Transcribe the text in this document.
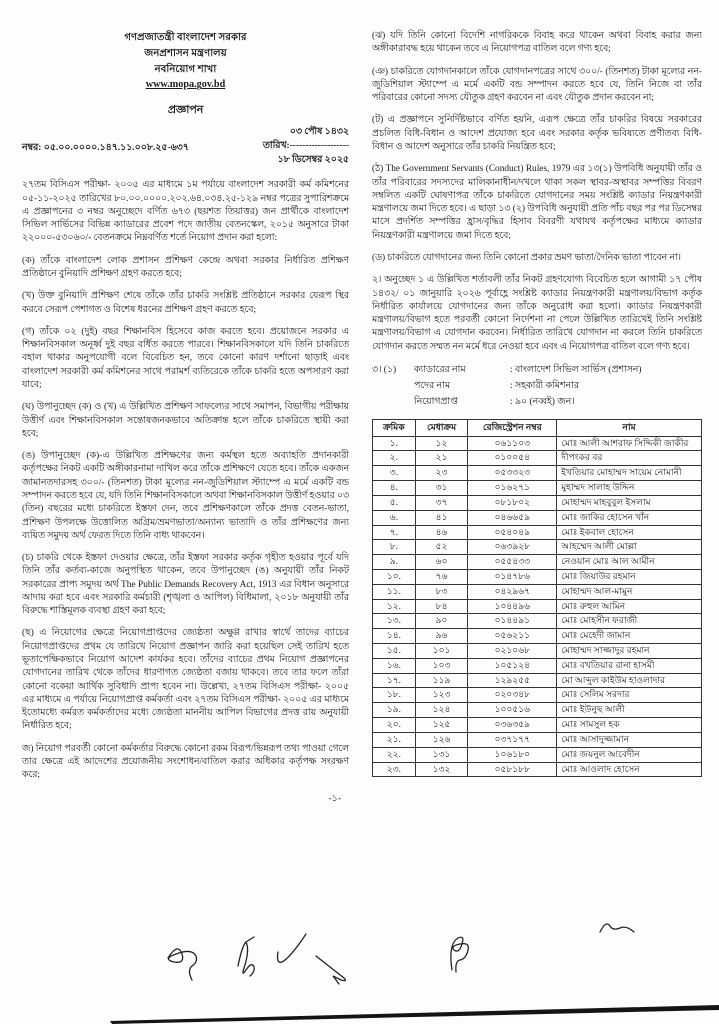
গণপ্রজাতন্ত্রী বাংলাদেশ সরকার
জনপ্রশাসন মন্ত্রণালয়
নবনিয়োগ শাখা
www.mopa.gov.bd
প্রজ্ঞাপন
নম্বর: ০৫.০০.০০০০.১৪৭.১১.০০৮.২৫-৬৩৭
০৩ পৌষ ১৪৩২
তারিখ:-------------------
১৮ ডিসেম্বর ২০২৫

২৭তম বিসিএস পরীক্ষা- ২০০৫ এর মাধ্যমে ১ম পর্যায়ে বাংলাদেশ সরকারী কর্ম কমিশনের ০৫-১১-২০২৫ তারিখের ৮০.০০.০০০০.২০২.৬৪.০৩৪.২৫-১২৯ নম্বর পত্রের সুপারিশক্রমে এ প্রজ্ঞাপনের ৩ নম্বর অনুচ্ছেদে বর্ণিত ৬৭৩ (ছয়শত তিয়াত্তর) জন প্রার্থীকে বাংলাদেশ সিভিল সার্ভিসের বিভিন্ন ক্যাডারের প্রবেশ পদে জাতীয় বেতনস্কেল, ২০১৫ অনুসারে টাকা ২২০০০-৫৩০৬০/- বেতনক্রমে নিম্নবর্ণিত শর্তে নিয়োগ প্রদান করা হলো:

(ক) তাঁকে বাংলাদেশ লোক প্রশাসন প্রশিক্ষণ কেন্দ্রে অথবা সরকার নির্ধারিত প্রশিক্ষণ প্রতিষ্ঠানে বুনিয়াদি প্রশিক্ষণ গ্রহণ করতে হবে;

(খ) উক্ত বুনিয়াদি প্রশিক্ষণ শেষে তাঁকে তাঁর চাকরি সংশ্লিষ্ট প্রতিষ্ঠানে সরকার যেরূপ স্থির করবে সেরূপ পেশাগত ও বিশেষ ধরনের প্রশিক্ষণ গ্রহণ করতে হবে;

(গ) তাঁকে ০২ (দুই) বছর শিক্ষানবিস হিসেবে কাজ করতে হবে। প্রয়োজনে সরকার এ শিক্ষানবিসকাল অনূর্ধ্ব দুই বছর বর্ধিত করতে পারবে। শিক্ষানবিসকালে যদি তিনি চাকরিতে বহাল থাকার অনুপযোগী বলে বিবেচিত হন, তবে কোনো কারণ দর্শানো ছাড়াই এবং বাংলাদেশ সরকারী কর্ম কমিশনের সাথে পরামর্শ ব্যতিরেকে তাঁকে চাকরি হতে অপসারণ করা যাবে;

(ঘ) উপানুচ্ছেদ (ক) ও (খ) এ উল্লিখিত প্রশিক্ষণ সাফল্যের সাথে সমাপন, বিভাগীয় পরীক্ষায় উত্তীর্ণ এবং শিক্ষানবিসকাল সন্তোষজনকভাবে অতিক্রান্ত হলে তাঁকে চাকরিতে স্থায়ী করা হবে;

(ঙ) উপানুচ্ছেদ (ক)-এ উল্লিখিত প্রশিক্ষণের জন্য কর্মস্থল হতে অব্যাহতি প্রদানকারী কর্তৃপক্ষের নিকট একটি অঙ্গীকারনামা দাখিল করে তাঁকে প্রশিক্ষণে যেতে হবে। তাঁকে একজন জামানতদারসহ ৩০০/- (তিনশত) টাকা মূল্যের নন-জুডিশিয়াল স্ট্যাম্পে এ মর্মে একটি বন্ড সম্পাদন করতে হবে যে, যদি তিনি শিক্ষানবিসকালে অথবা শিক্ষানবিসকাল উত্তীর্ণ হওয়ার ০৩ (তিন) বছরের মধ্যে চাকরিতে ইস্তফা দেন, তবে প্রশিক্ষণকালে তাঁকে প্রদত্ত বেতন-ভাতা, প্রশিক্ষণ উপলক্ষে উত্তোলিত অগ্রিম/ভ্রমণভাতা/অন্যান্য ভাতাদি ও তাঁর প্রশিক্ষণের জন্য ব্যয়িত সমুদয় অর্থ ফেরত দিতে তিনি বাধ্য থাকবেন।

(চ) চাকরি থেকে ইস্তফা দেওয়ার ক্ষেত্রে, তাঁর ইস্তফা সরকার কর্তৃক গৃহীত হওয়ার পূর্বে যদি তিনি তাঁর কর্তব্য-কাজে অনুপস্থিত থাকেন, তবে উপানুচ্ছেদ (ঙ) অনুযায়ী তাঁর নিকট সরকারের প্রাপ্য সমুদয় অর্থ The Public Demands Recovery Act, 1913 এর বিধান অনুসারে আদায় করা হবে এবং সরকারি কর্মচারী (শৃঙ্খলা ও আপিল) বিধিমালা, ২০১৮ অনুযায়ী তাঁর বিরুদ্ধে শাস্তিমূলক ব্যবস্থা গ্রহণ করা হবে;

(ছ) এ নিয়োগের ক্ষেত্রে নিয়োগপ্রাপ্তদের জ্যেষ্ঠতা অক্ষুণ্ণ রাখার স্বার্থে তাদের ব্যাচের নিয়োগপ্রাপ্তদের প্রথম যে তারিখে নিয়োগ প্রজ্ঞাপন জারি করা হয়েছিল সেই তারিখ হতে ভূতাপেক্ষিকভাবে নিয়োগ আদেশ কার্যকর হবে। তাঁদের ব্যাচের প্রথম নিয়োগ প্রজ্ঞাপনের যোগদানের তারিখ থেকে তাঁদের ধারণাগত জ্যেষ্ঠতা বজায় থাকবে। তবে তার ফলে তাঁরা কোনো বকেয়া আর্থিক সুবিধাদি প্রাপ্য হবেন না। উল্লেখ্য, ২৭তম বিসিএস পরীক্ষা- ২০০৫ এর মাধ্যমে এ পর্যায়ে নিয়োগপ্রাপ্ত কর্মকর্তা এবং ২৭তম বিসিএস পরীক্ষা- ২০০৫ এর মাধ্যমে ইতোমধ্যে কর্মরত কর্মকর্তাদের মধ্যে জ্যেষ্ঠতা মাননীয় আপিল বিভাগের প্রদত্ত রায় অনুযায়ী নির্ধারিত হবে;

জ) নিয়োগ পরবর্তী কোনো কর্মকর্তার বিরুদ্ধে কোনো রকম বিরূপ/ভিন্নরূপ তথ্য পাওয়া গেলে তার ক্ষেত্রে এই আদেশের প্রয়োজনীয় সংশোধন/বাতিল করার অধিকার কর্তৃপক্ষ সংরক্ষণ করে;

-১-

(ঝ) যদি তিনি কোনো বিদেশি নাগরিককে বিবাহ করে থাকেন অথবা বিবাহ করার জন্য অঙ্গীকারাবদ্ধ হয়ে থাকেন তবে এ নিয়োগপত্র বাতিল বলে গণ্য হবে;

(ঞ) চাকরিতে যোগদানকালে তাঁকে যোগদানপত্রের সাথে ৩০০/- (তিনশত) টাকা মূল্যের নন-জুডিশিয়াল স্ট্যাম্পে এ মর্মে একটি বন্ড সম্পাদন করতে হবে যে, তিনি নিজে বা তাঁর পরিবারের কোনো সদস্য যৌতুক গ্রহণ করবেন না এবং যৌতুক প্রদান করবেন না;

(ট) এ প্রজ্ঞাপনে সুনির্দিষ্টভাবে বর্ণিত হয়নি, এরূপ ক্ষেত্রে তাঁর চাকরির বিষয়ে সরকারের প্রচলিত বিধি-বিধান ও আদেশ প্রযোজ্য হবে এবং সরকার কর্তৃক ভবিষ্যতে প্রণীতব্য বিধি-বিধান ও আদেশ অনুসারে তাঁর চাকরি নিয়ন্ত্রিত হবে;

(ঠ) The Government Servants (Conduct) Rules, 1979 এর ১৩(১) উপবিধি অনুযায়ী তাঁর ও তাঁর পরিবারের সদস্যদের মালিকানাধীন/দখলে থাকা সকল স্থাবর-অস্থাবর সম্পত্তির বিবরণ সম্বলিত একটি ঘোষণাপত্র তাঁকে চাকরিতে যোগদানের সময় সংশ্লিষ্ট ক্যাডার নিয়ন্ত্রণকারী মন্ত্রণালয়ে জমা দিতে হবে। এ ছাড়া ১৩ (২) উপবিধি অনুযায়ী প্রতি পাঁচ বছর পর পর ডিসেম্বর মাসে প্রদর্শিত সম্পত্তির হ্রাস/বৃদ্ধির হিসাব বিবরণী যথাযথ কর্তৃপক্ষের মাধ্যমে ক্যাডার নিয়ন্ত্রণকারী মন্ত্রণালয়ে জমা দিতে হবে;

(ড) চাকরিতে যোগদানের জন্য তিনি কোনো প্রকার ভ্রমণ ভাতা/দৈনিক ভাতা পাবেন না।

২। অনুচ্ছেদ ১ এ উল্লিখিত শর্তাবলী তাঁর নিকট গ্রহণযোগ্য বিবেচিত হলে আগামী ১৭ পৌষ ১৪৩২/ ০১ জানুয়ারি ২০২৬ পূর্বাহ্ণে সংশ্লিষ্ট ক্যাডার নিয়ন্ত্রণকারী মন্ত্রণালয়/বিভাগ কর্তৃক নির্ধারিত কার্যালয়ে যোগদানের জন্য তাঁকে অনুরোধ করা হলো। ক্যাডার নিয়ন্ত্রণকারী মন্ত্রণালয়/বিভাগ হতে পরবর্তী কোনো নির্দেশনা না পেলে উল্লিখিত তারিখেই তিনি সংশ্লিষ্ট মন্ত্রণালয়/বিভাগ এ যোগদান করবেন। নির্ধারিত তারিখে যোগদান না করলে তিনি চাকরিতে যোগদান করতে সম্মত নন মর্মে ধরে নেওয়া হবে এবং এ নিয়োগপত্র বাতিল বলে গণ্য হবে।

৩। (১)	ক্যাডারের নাম	: বাংলাদেশ সিভিল সার্ভিস (প্রশাসন)
পদের নাম	: সহকারী কমিশনার
নিয়োগপ্রাপ্ত	: ৯০ (নব্বই) জন।
ক্রমিক	মেধাক্রম	রেজিস্ট্রেশন নম্বর	নাম
১.	১২	০৬১১০৩	মোঃ আলী আশরাফ সিদ্দিকী জাকীর
২.	২১	০১০০৫৪	দীপংকর বর
৩.	২৩	০৫৩৩২৩	ইখতিয়ার মোহাম্মদ সায়েম নোমানী
৪.	৩১	০১৬২৭১	মুহাম্মদ সালাহ উদ্দিন
৫.	৩৭	০৮১৮০২	মোহাম্মদ মাহবুবুল ইসলাম
৬.	৪১	০৪৬৬৫৯	মোঃ জাকির হোসেন খাঁন
৭.	৪৬	০৫৪০৪৯	মোঃ ইকবাল হোসেন
৮.	৫২	০৬৩৯২৮	আহম্মেদ আলী মোল্লা
৯.	৬০	০৫৫৪৩৩	নেওয়ান মোঃ আল আমীন
১০.	৭৬	০১৪৭৮৬	মোঃ জিয়াউর রহমান
১১.	৮৩	০৪২৯৬৭	মোহাম্মদ আল-মামুন
১২.	৮৪	১০৪৪৯৬	মোঃ রুহুল আমিন
১৩.	৯০	০১৪৪৯১	মোঃ মোহসীন ফরাজী
১৪.	৯৬	০৫৬২১১	মোঃ মেহেদী জামান
১৫.	১০১	০২১০৬৮	মোহাম্মদ সাজ্জাদুর রহমান
১৬.	১০৩	১০৫১২৪	মোঃ বখতিয়ার রানা হাসমী
১৭.	১১৯	১২৯২৫৫	মো আব্দুল কাইউম হাওলাদার
১৮.	১২৩	০২০৩৪৮	মোঃ সেলিম সরদার
১৯.	১২৪	১০০৫১৬	মোঃ ইউনুছ আলী
২০.	১২৫	০৩৬৩৫৯	মোঃ সামসুল হক
২১.	১২৬	০৩৭১৭৭	মোঃ আসাদুজ্জামান
২২.	১৩১	১০৬১৮০	মোঃ জয়নুল আবেদীন
২৩.	১৩২	০৫৮১৮৮	মোঃ আওলাদ হোসেন
